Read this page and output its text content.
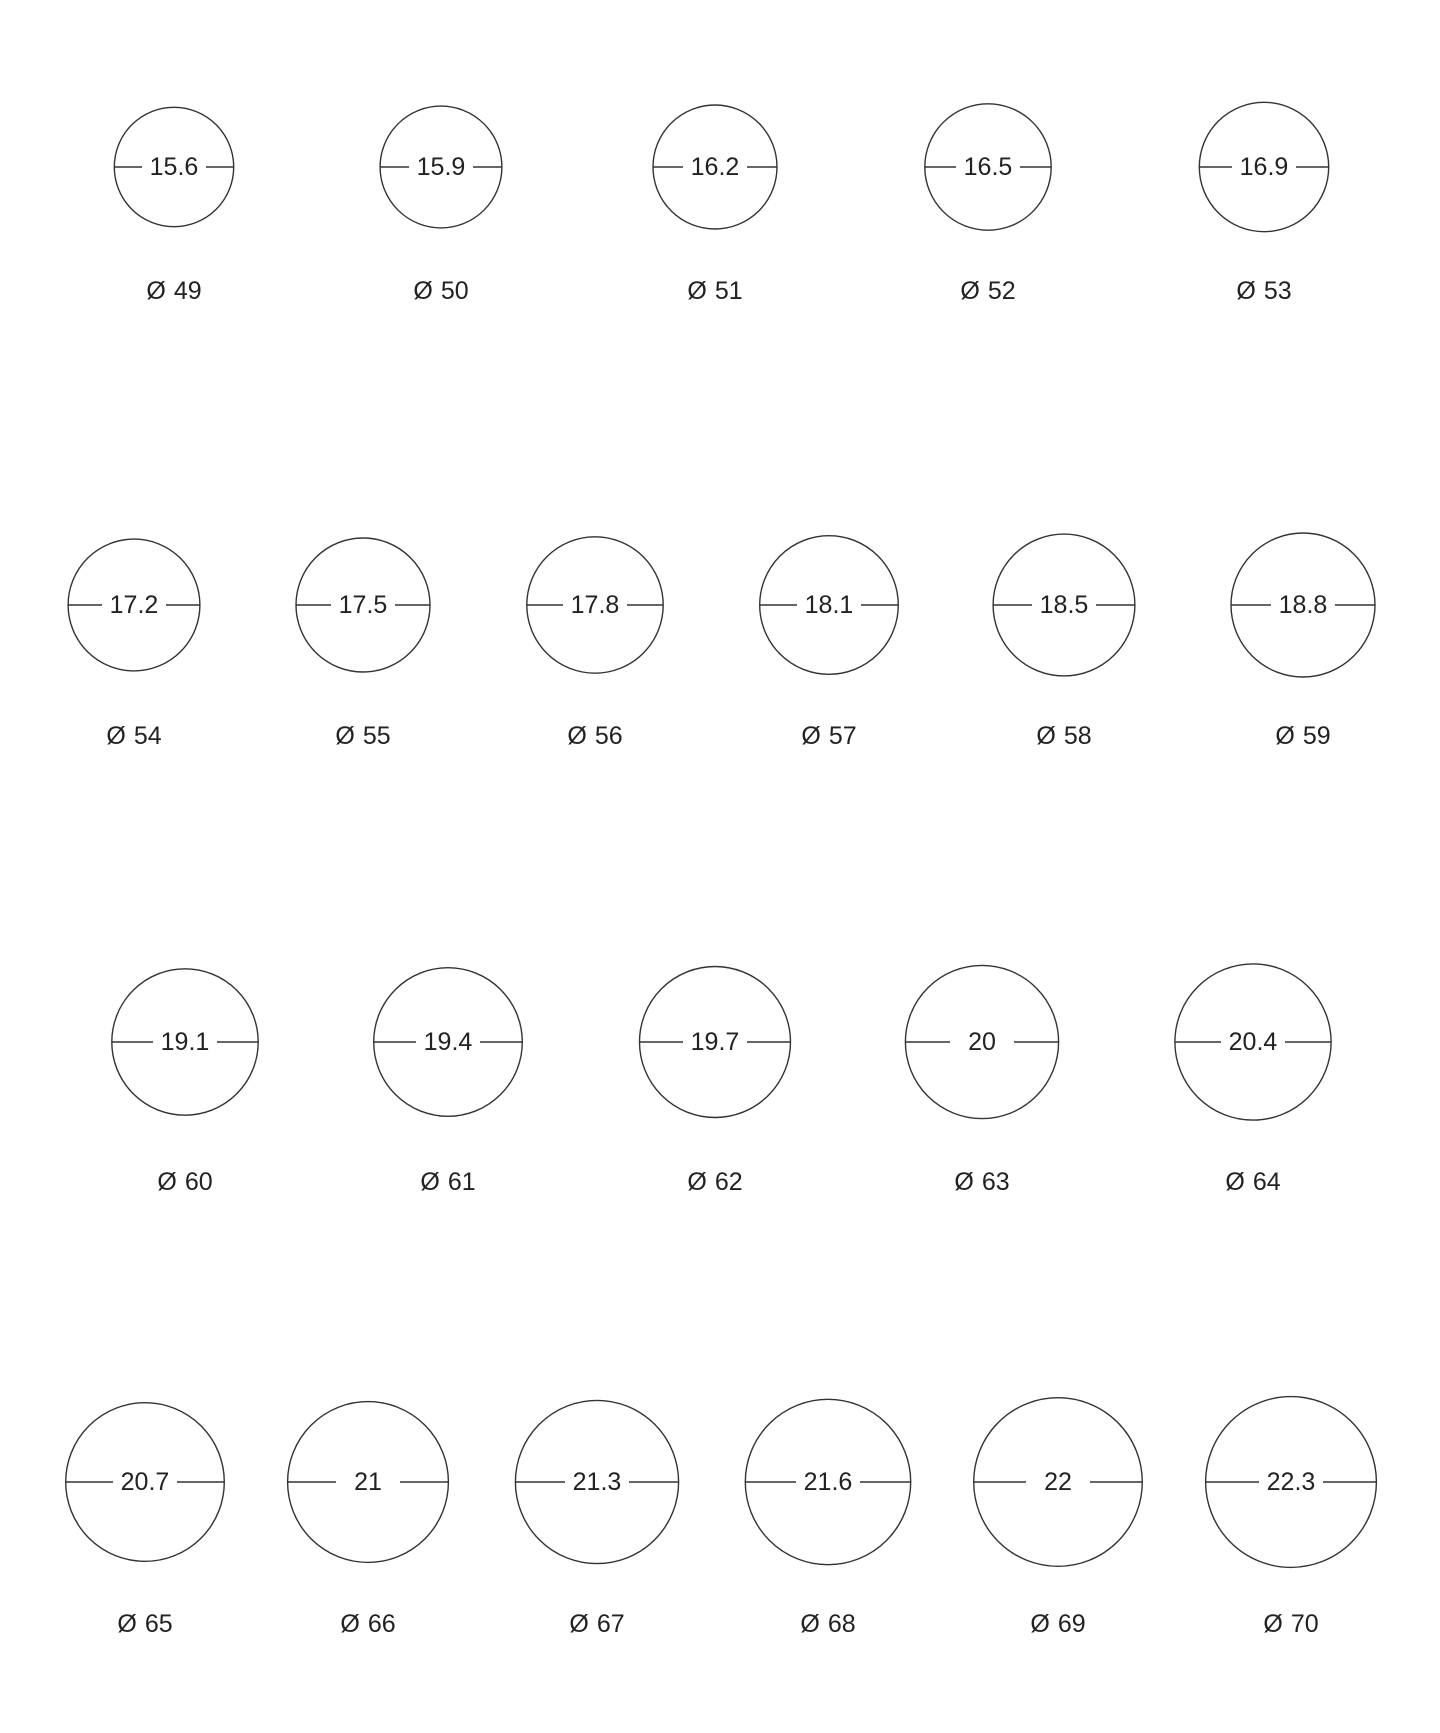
15.6
Ø 49
15.9
Ø 50
16.2
Ø 51
16.5
Ø 52
16.9
Ø 53
17.2
Ø 54
17.5
Ø 55
17.8
Ø 56
18.1
Ø 57
18.5
Ø 58
18.8
Ø 59
19.1
Ø 60
19.4
Ø 61
19.7
Ø 62
20
Ø 63
20.4
Ø 64
20.7
Ø 65
21
Ø 66
21.3
Ø 67
21.6
Ø 68
22
Ø 69
22.3
Ø 70
